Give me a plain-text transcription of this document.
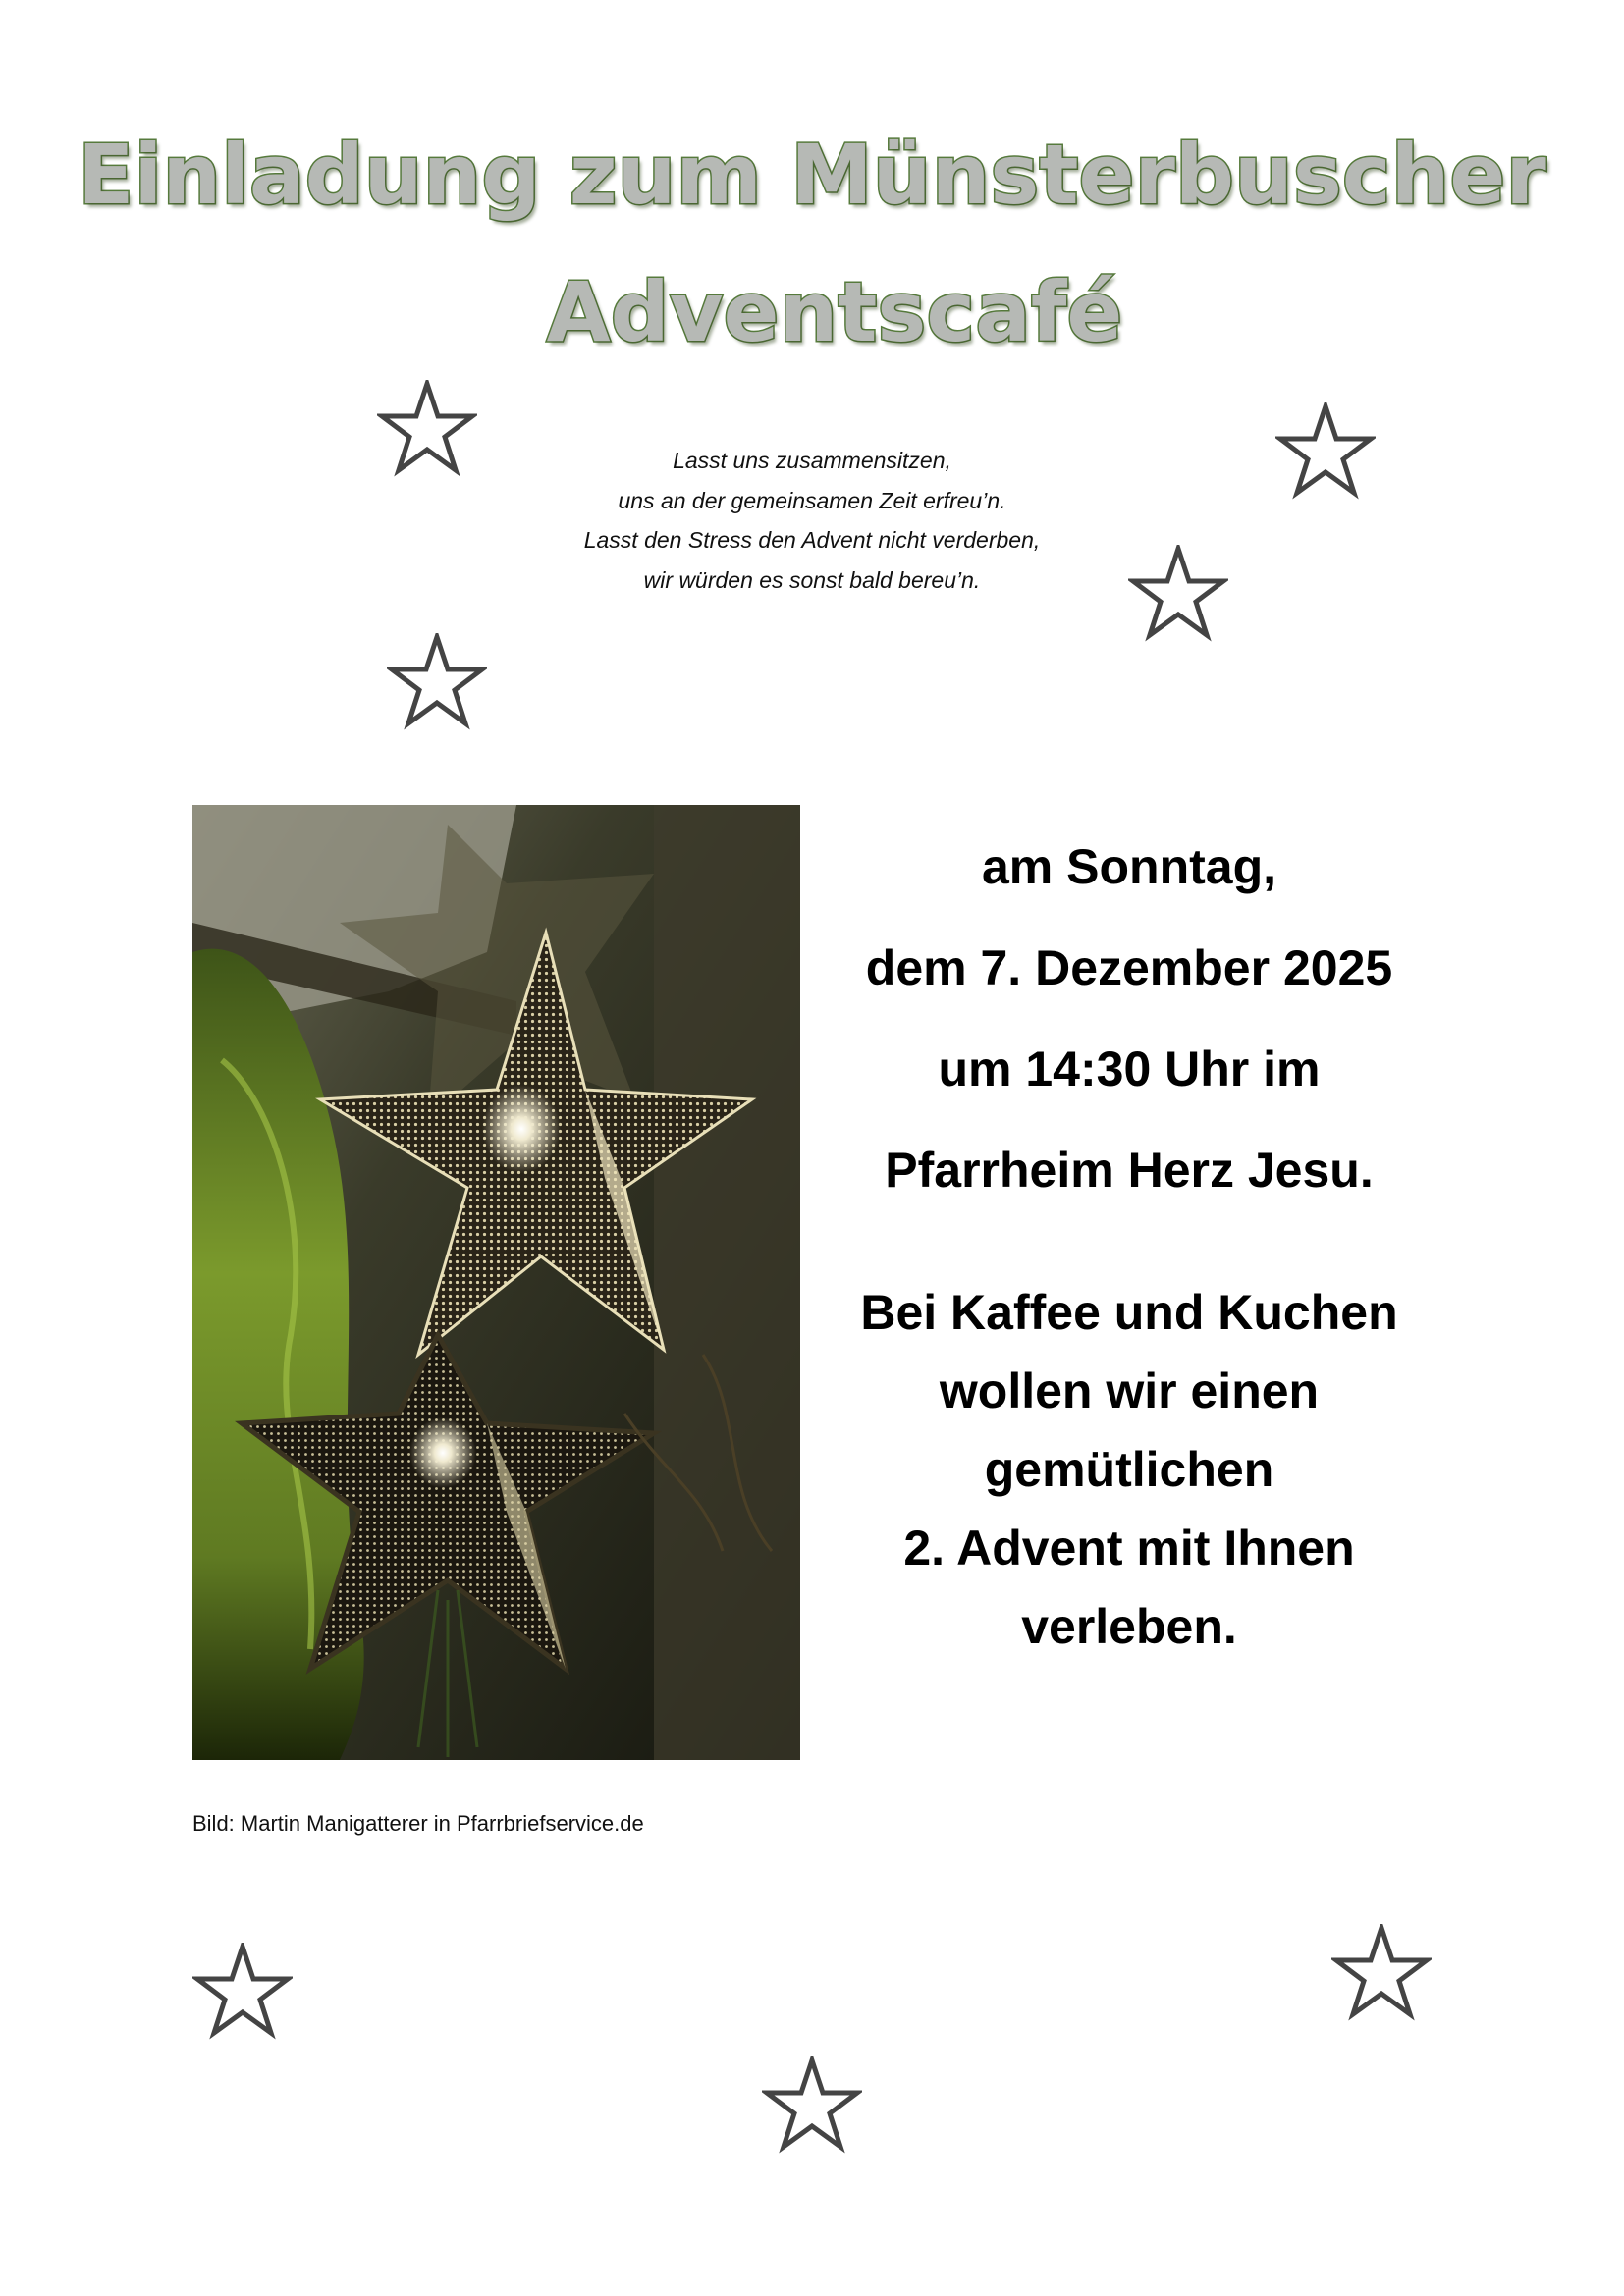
Einladung zum Münsterbuscher
Adventscafé
Lasst uns zusammensitzen,
uns an der gemeinsamen Zeit erfreu’n.
Lasst den Stress den Advent nicht verderben,
wir würden es sonst bald bereu’n.
Bild: Martin Manigatterer in Pfarrbriefservice.de
am Sonntag,
dem 7. Dezember 2025
um 14:30 Uhr im
Pfarrheim Herz Jesu.
Bei Kaffee und Kuchen
wollen wir einen
gemütlichen
2. Advent mit Ihnen
verleben.
